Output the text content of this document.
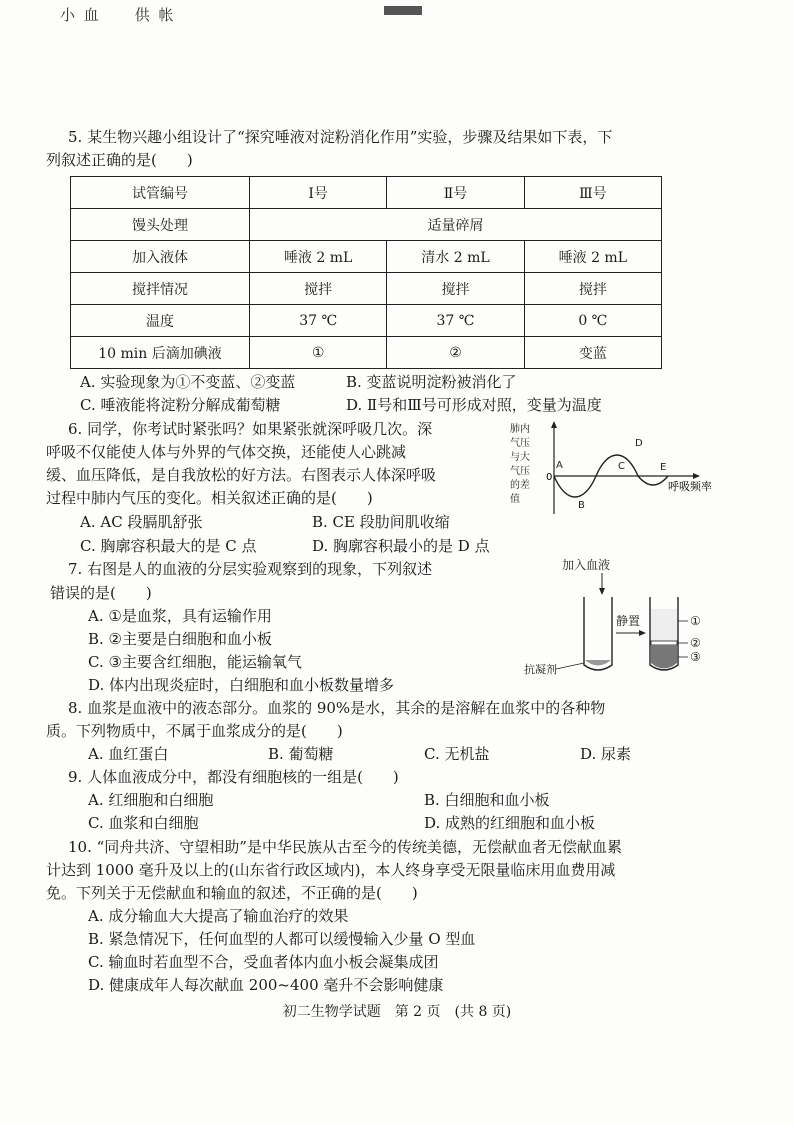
小 血　　供 帐
5. 某生物兴趣小组设计了“探究唾液对淀粉消化作用”实验，步骤及结果如下表，下
列叙述正确的是(　　)
试管编号	Ⅰ号	Ⅱ号	Ⅲ号
馒头处理	适量碎屑		
加入液体	唾液 2 mL	清水 2 mL	唾液 2 mL
搅拌情况	搅拌	搅拌	搅拌
温度	37 ℃	37 ℃	0 ℃
10 min 后滴加碘液	①	②	变蓝
A. 实验现象为①不变蓝、②变蓝	B. 变蓝说明淀粉被消化了
C. 唾液能将淀粉分解成葡萄糖	D. Ⅱ号和Ⅲ号可形成对照，变量为温度
6. 同学，你考试时紧张吗？如果紧张就深呼吸几次。深
呼吸不仅能使人体与外界的气体交换，还能使人心跳减
缓、血压降低，是自我放松的好方法。右图表示人体深呼吸
过程中肺内气压的变化。相关叙述正确的是(　　)
A. AC 段膈肌舒张	B. CE 段肋间肌收缩
C. 胸廓容积最大的是 C 点	D. 胸廓容积最小的是 D 点
肺内
气压
与大
气压
的差
值
0
A
B
C
D
E
呼吸频率
7. 右图是人的血液的分层实验观察到的现象，下列叙述
错误的是(　　)
A. ①是血浆，具有运输作用
B. ②主要是白细胞和血小板
C. ③主要含红细胞，能运输氧气
D. 体内出现炎症时，白细胞和血小板数量增多
加入血液
抗凝剂
静置	①
②
③
8. 血浆是血液中的液态部分。血浆的 90%是水，其余的是溶解在血浆中的各种物
质。下列物质中，不属于血浆成分的是(　　)
A. 血红蛋白	B. 葡萄糖	C. 无机盐	D. 尿素
9. 人体血液成分中，都没有细胞核的一组是(　　)
A. 红细胞和白细胞	B. 白细胞和血小板
C. 血浆和白细胞	D. 成熟的红细胞和血小板
10. “同舟共济、守望相助”是中华民族从古至今的传统美德，无偿献血者无偿献血累
计达到 1000 毫升及以上的(山东省行政区域内)，本人终身享受无限量临床用血费用减
免。下列关于无偿献血和输血的叙述，不正确的是(　　)
A. 成分输血大大提高了输血治疗的效果
B. 紧急情况下，任何血型的人都可以缓慢输入少量 O 型血
C. 输血时若血型不合，受血者体内血小板会凝集成团
D. 健康成年人每次献血 200~400 毫升不会影响健康
初二生物学试题　第 2 页　(共 8 页)
